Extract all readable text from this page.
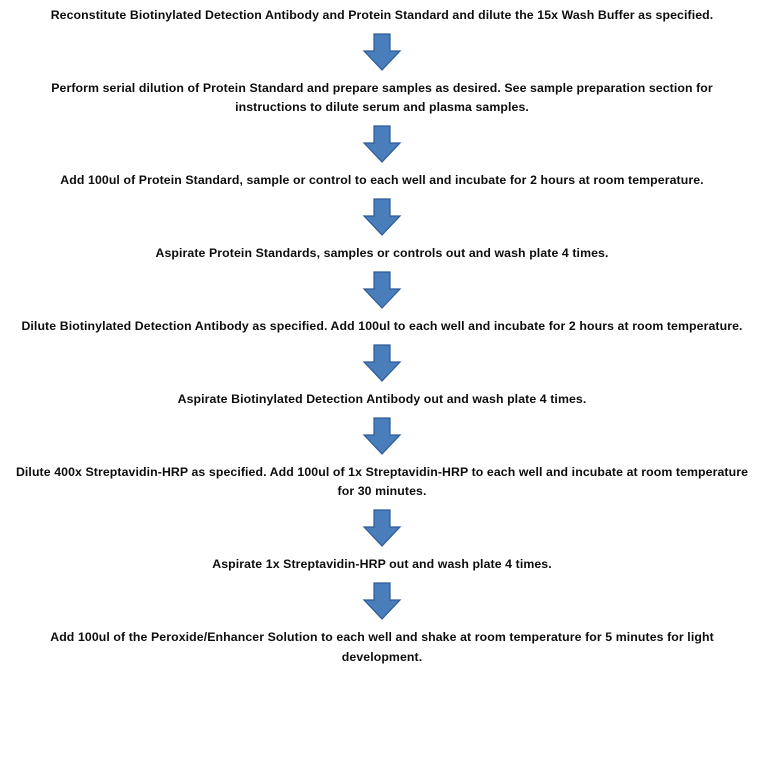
Reconstitute Biotinylated Detection Antibody and Protein Standard and dilute the 15x Wash Buffer as specified.
Perform serial dilution of Protein Standard and prepare samples as desired. See sample preparation section for instructions to dilute serum and plasma samples.
Add 100ul of Protein Standard, sample or control to each well and incubate for 2 hours at room temperature.
Aspirate Protein Standards, samples or controls out and wash plate 4 times.
Dilute Biotinylated Detection Antibody as specified. Add 100ul to each well and incubate for 2 hours at room temperature.
Aspirate Biotinylated Detection Antibody out and wash plate 4 times.
Dilute 400x Streptavidin-HRP as specified. Add 100ul of 1x Streptavidin-HRP to each well and incubate at room temperature for 30 minutes.
Aspirate 1x Streptavidin-HRP out and wash plate 4 times.
Add 100ul of the Peroxide/Enhancer Solution to each well and shake at room temperature for 5 minutes for light development.
